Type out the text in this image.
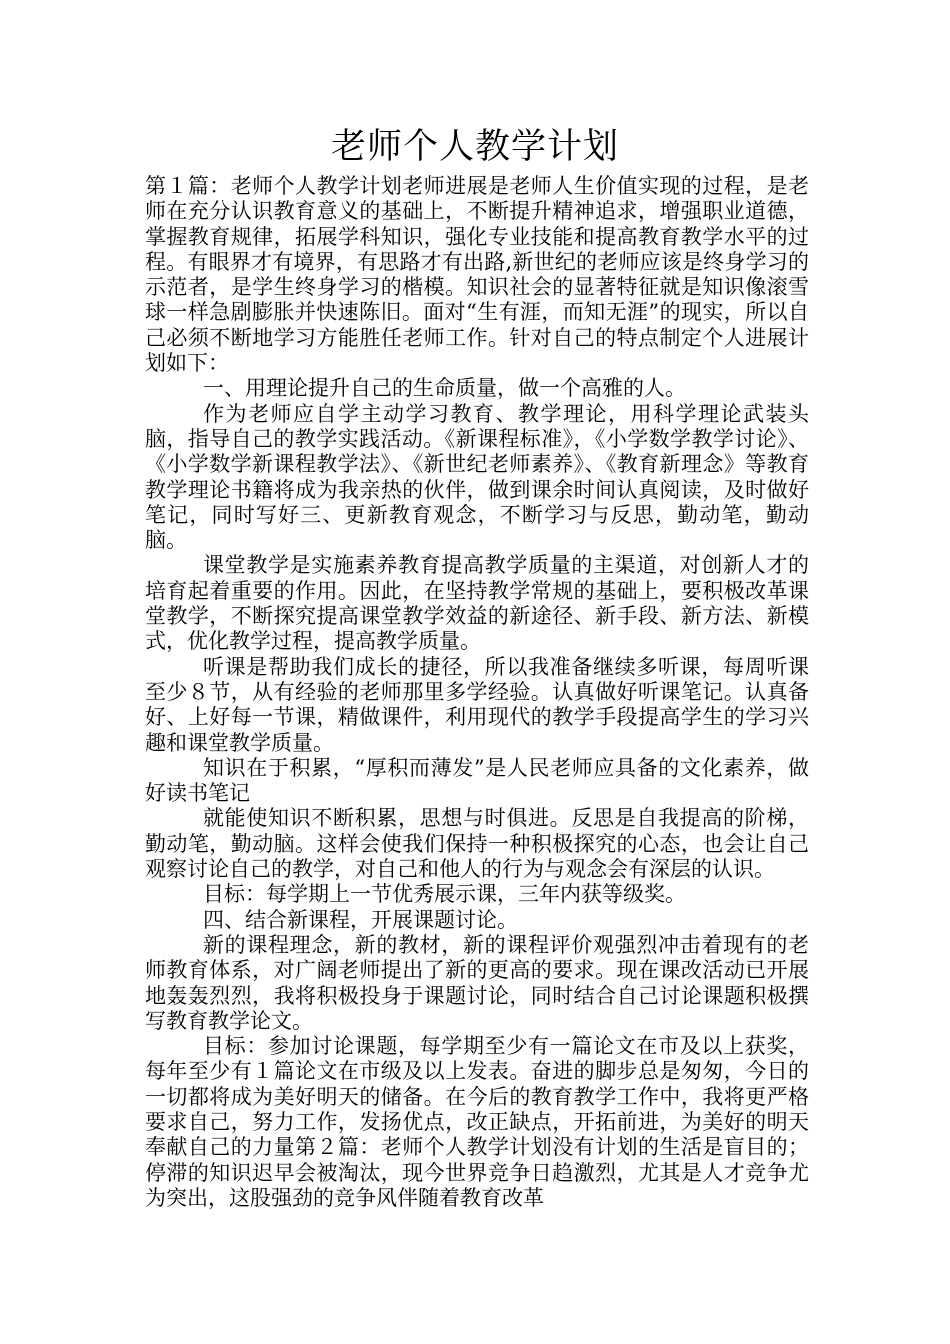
老师个人教学计划

第１篇：老师个人教学计划老师进展是老师人生价值实现的过程，是老师在充分认识教育意义的基础上，不断提升精神追求，增强职业道德，掌握教育规律，拓展学科知识，强化专业技能和提高教育教学水平的过程。有眼界才有境界，有思路才有出路,新世纪的老师应该是终身学习的示范者，是学生终身学习的楷模。知识社会的显著特征就是知识像滚雪球一样急剧膨胀并快速陈旧。面对“生有涯，而知无涯”的现实，所以自己必须不断地学习方能胜任老师工作。针对自己的特点制定个人进展计划如下：

一、用理论提升自己的生命质量，做一个高雅的人。

作为老师应自学主动学习教育、教学理论，用科学理论武装头脑，指导自己的教学实践活动。《新课程标准》，《小学数学教学讨论》、《小学数学新课程教学法》、《新世纪老师素养》、《教育新理念》等教育教学理论书籍将成为我亲热的伙伴，做到课余时间认真阅读，及时做好笔记，同时写好三、更新教育观念，不断学习与反思，勤动笔，勤动脑。

课堂教学是实施素养教育提高教学质量的主渠道，对创新人才的培育起着重要的作用。因此，在坚持教学常规的基础上，要积极改革课堂教学，不断探究提高课堂教学效益的新途径、新手段、新方法、新模式，优化教学过程，提高教学质量。

听课是帮助我们成长的捷径，所以我准备继续多听课，每周听课至少８节，从有经验的老师那里多学经验。认真做好听课笔记。认真备好、上好每一节课，精做课件，利用现代的教学手段提高学生的学习兴趣和课堂教学质量。

知识在于积累，“厚积而薄发”是人民老师应具备的文化素养，做好读书笔记

就能使知识不断积累，思想与时俱进。反思是自我提高的阶梯，勤动笔，勤动脑。这样会使我们保持一种积极探究的心态，也会让自己观察讨论自己的教学，对自己和他人的行为与观念会有深层的认识。

目标：每学期上一节优秀展示课，三年内获等级奖。

四、结合新课程，开展课题讨论。

新的课程理念，新的教材，新的课程评价观强烈冲击着现有的老师教育体系，对广阔老师提出了新的更高的要求。现在课改活动已开展地轰轰烈烈，我将积极投身于课题讨论，同时结合自己讨论课题积极撰写教育教学论文。

目标：参加讨论课题，每学期至少有一篇论文在市及以上获奖，每年至少有１篇论文在市级及以上发表。奋进的脚步总是匆匆，今日的一切都将成为美好明天的储备。在今后的教育教学工作中，我将更严格要求自己，努力工作，发扬优点，改正缺点，开拓前进，为美好的明天奉献自己的力量第２篇：老师个人教学计划没有计划的生活是盲目的；停滞的知识迟早会被淘汰，现今世界竞争日趋激烈，尤其是人才竞争尤为突出，这股强劲的竞争风伴随着教育改革
